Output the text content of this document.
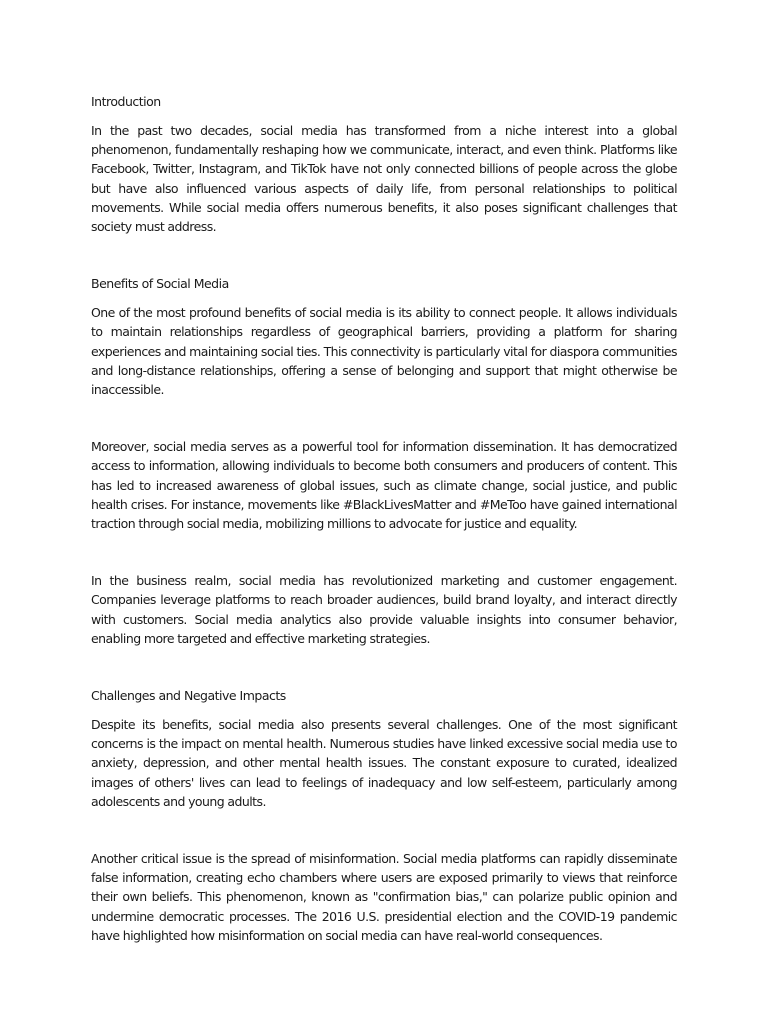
Introduction

In the past two decades, social media has transformed from a niche interest into a global phenomenon, fundamentally reshaping how we communicate, interact, and even think. Platforms like Facebook, Twitter, Instagram, and TikTok have not only connected billions of people across the globe but have also influenced various aspects of daily life, from personal relationships to political movements. While social media offers numerous benefits, it also poses significant challenges that society must address.

Benefits of Social Media

One of the most profound benefits of social media is its ability to connect people. It allows individuals to maintain relationships regardless of geographical barriers, providing a platform for sharing experiences and maintaining social ties. This connectivity is particularly vital for diaspora communities and long-distance relationships, offering a sense of belonging and support that might otherwise be inaccessible.

Moreover, social media serves as a powerful tool for information dissemination. It has democratized access to information, allowing individuals to become both consumers and producers of content. This has led to increased awareness of global issues, such as climate change, social justice, and public health crises. For instance, movements like #BlackLivesMatter and #MeToo have gained international traction through social media, mobilizing millions to advocate for justice and equality.

In the business realm, social media has revolutionized marketing and customer engagement. Companies leverage platforms to reach broader audiences, build brand loyalty, and interact directly with customers. Social media analytics also provide valuable insights into consumer behavior, enabling more targeted and effective marketing strategies.

Challenges and Negative Impacts

Despite its benefits, social media also presents several challenges. One of the most significant concerns is the impact on mental health. Numerous studies have linked excessive social media use to anxiety, depression, and other mental health issues. The constant exposure to curated, idealized images of others' lives can lead to feelings of inadequacy and low self-esteem, particularly among adolescents and young adults.

Another critical issue is the spread of misinformation. Social media platforms can rapidly disseminate false information, creating echo chambers where users are exposed primarily to views that reinforce their own beliefs. This phenomenon, known as "confirmation bias," can polarize public opinion and undermine democratic processes. The 2016 U.S. presidential election and the COVID-19 pandemic have highlighted how misinformation on social media can have real-world consequences.
